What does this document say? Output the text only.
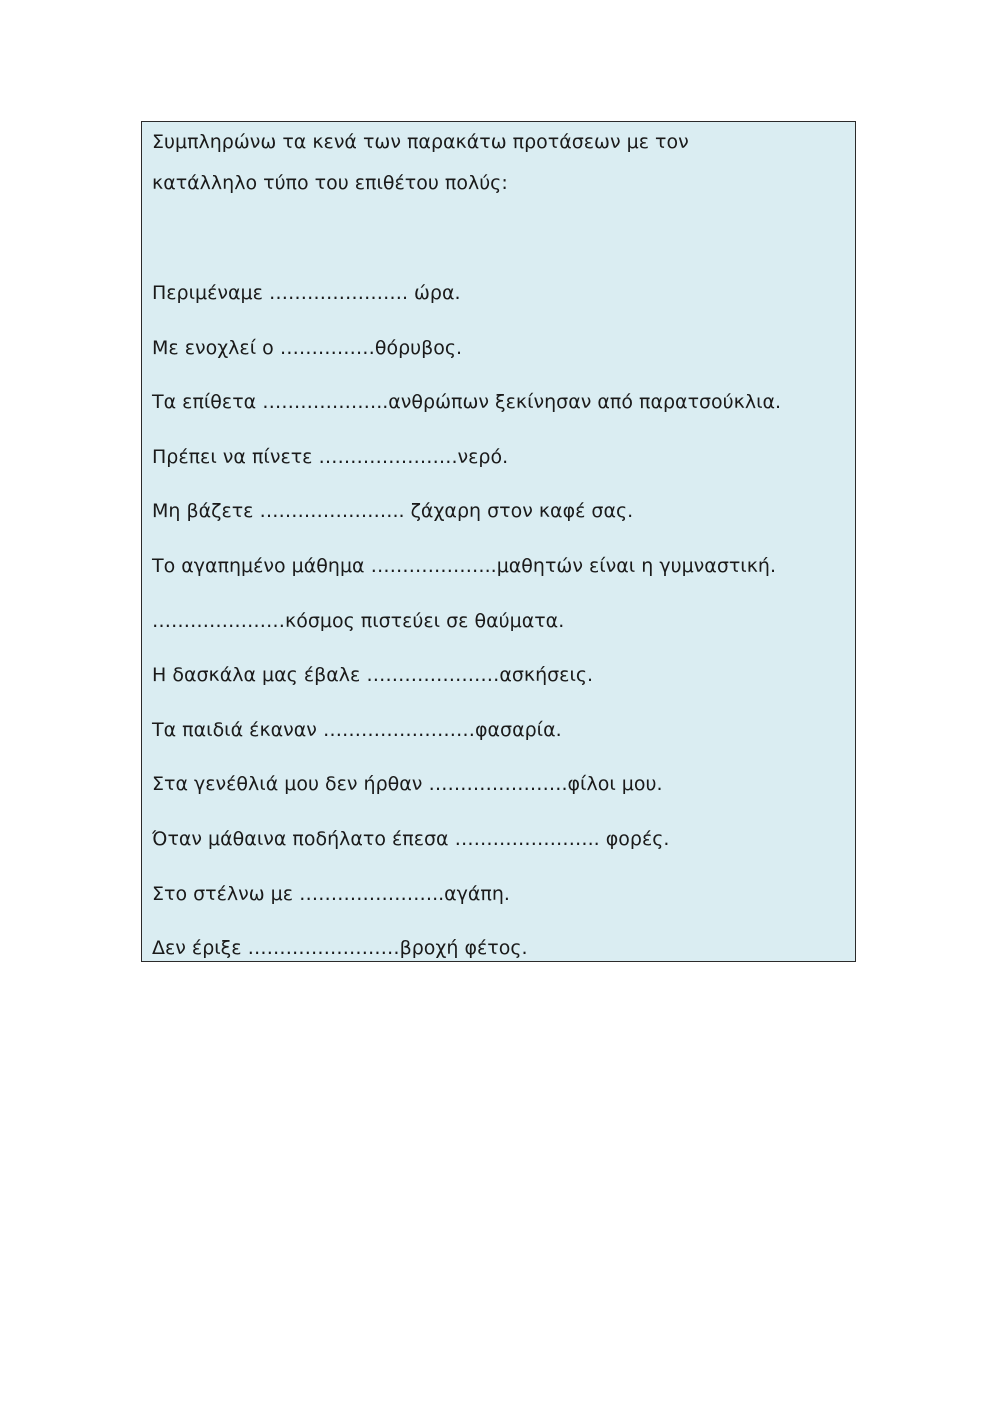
Συμπληρώνω τα κενά των παρακάτω προτάσεων με τον
κατάλληλο τύπο του επιθέτου πολύς:

Περιμέναμε …………………. ώρα.
Με ενοχλεί ο ……………θόρυβος.
Τα επίθετα ………………..ανθρώπων ξεκίνησαν από παρατσούκλια.
Πρέπει να πίνετε ………………….νερό.
Μη βάζετε ………………….. ζάχαρη στον καφέ σας.
Το αγαπημένο μάθημα ………………..μαθητών είναι η γυμναστική.
…………………κόσμος πιστεύει σε θαύματα.
Η δασκάλα μας έβαλε …………………ασκήσεις.
Τα παιδιά έκαναν ……………………φασαρία.
Στα γενέθλιά μου δεν ήρθαν ………………….φίλοι μου.
Όταν μάθαινα ποδήλατο έπεσα ………………….. φορές.
Στο στέλνω με …………………..αγάπη.
Δεν έριξε ……………………βροχή φέτος.
